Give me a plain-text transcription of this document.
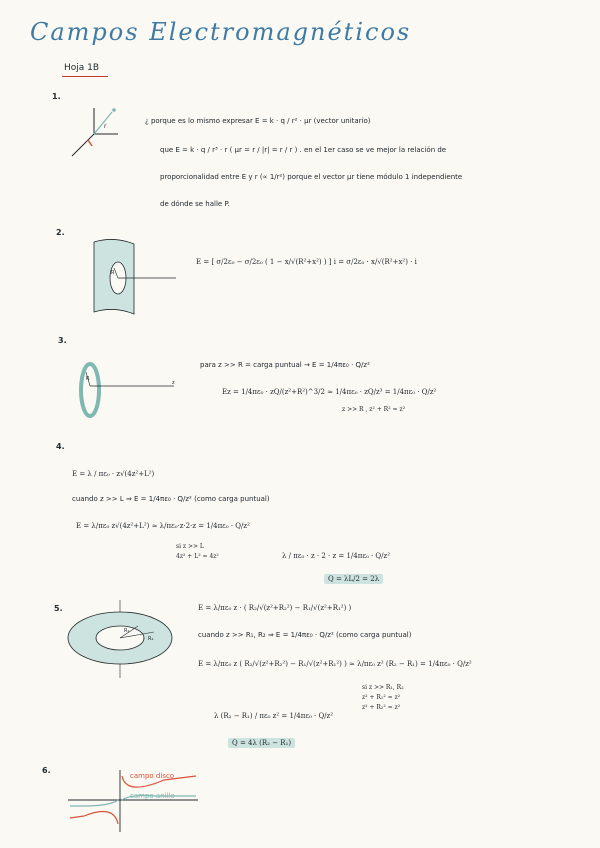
Campos Electromagnéticos
Hoja 1B
1.
r
¿ porque es lo mismo expresar E = k · q / r² · μr (vector unitario)
que E = k · q / r³ · r ( μr = r / |r| = r / r ) . en el 1er caso se ve mejor la relación de
proporcionalidad entre E y r (∝ 1/r²) porque el vector μr tiene módulo 1 independiente
de dónde se halle P.
2.
R
E = [ σ/2ε₀ − σ/2ε₀ ( 1 − x/√(R²+x²) ) ] i = σ/2ε₀ · x/√(R²+x²) · i
3.
R
z
para z >> R = carga puntual → E = 1/4πε₀ · Q/z²
Ez = 1/4πε₀ · zQ/(z²+R²)^3/2 ≈ 1/4πε₀ · zQ/z³ = 1/4πε₀ · Q/z²
z >> R , z² + R² ≈ z²
4.
E = λ / πε₀ · z√(4z²+L²)
cuando z >> L ⇒ E = 1/4πε₀ · Q/z² (como carga puntual)
E = λ/πε₀ z√(4z²+L²) ≈ λ/πε₀·z·2·z = 1/4πε₀ · Q/z²
si z >> L
4z² + L² ≈ 4z²	λ / πε₀ · z · 2 · z = 1/4πε₀ · Q/z²
Q = λL/2 = 2λ
5.
R₂
R₁
E = λ/πε₀ z · ( R₂/√(z²+R₂²) − R₁/√(z²+R₁²) )
cuando z >> R₁, R₂ ⇒ E = 1/4πε₀ · Q/z² (como carga puntual)
E = λ/πε₀ z ( R₂/√(z²+R₂²) − R₁/√(z²+R₁²) ) ≈ λ/πε₀ z² (R₂ − R₁) = 1/4πε₀ · Q/z²
si z >> R₁, R₂
z² + R₁² ≈ z²
z² + R₂² ≈ z²
λ (R₂ − R₁) / πε₀ z² = 1/4πε₀ · Q/z²
Q = 4λ (R₂ − R₁)
6.
campo disco
campo anillo
